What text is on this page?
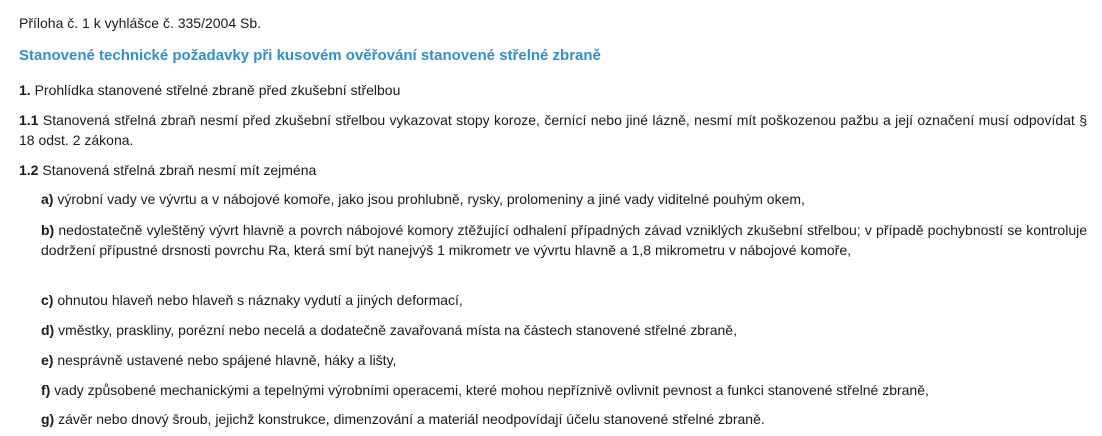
Příloha č. 1 k vyhlášce č. 335/2004 Sb.

Stanovené technické požadavky při kusovém ověřování stanovené střelné zbraně

1. Prohlídka stanovené střelné zbraně před zkušební střelbou

1.1 Stanovená střelná zbraň nesmí před zkušební střelbou vykazovat stopy koroze, černící nebo jiné lázně, nesmí mít poškozenou pažbu a její označení musí odpovídat § 18 odst. 2 zákona.

1.2 Stanovená střelná zbraň nesmí mít zejména

a) výrobní vady ve vývrtu a v nábojové komoře, jako jsou prohlubně, rysky, prolomeniny a jiné vady viditelné pouhým okem,

b) nedostatečně vyleštěný vývrt hlavně a povrch nábojové komory ztěžující odhalení případných závad vzniklých zkušební střelbou; v případě pochybností se kontroluje dodržení přípustné drsnosti povrchu Ra, která smí být nanejvýš 1 mikrometr ve vývrtu hlavně a 1,8 mikrometru v nábojové komoře,

c) ohnutou hlaveň nebo hlaveň s náznaky vydutí a jiných deformací,

d) vměstky, praskliny, porézní nebo necelá a dodatečně zavařovaná místa na částech stanovené střelné zbraně,

e) nesprávně ustavené nebo spájené hlavně, háky a lišty,

f) vady způsobené mechanickými a tepelnými výrobními operacemi, které mohou nepříznivě ovlivnit pevnost a funkci stanovené střelné zbraně,

g) závěr nebo dnový šroub, jejichž konstrukce, dimenzování a materiál neodpovídají účelu stanovené střelné zbraně.
